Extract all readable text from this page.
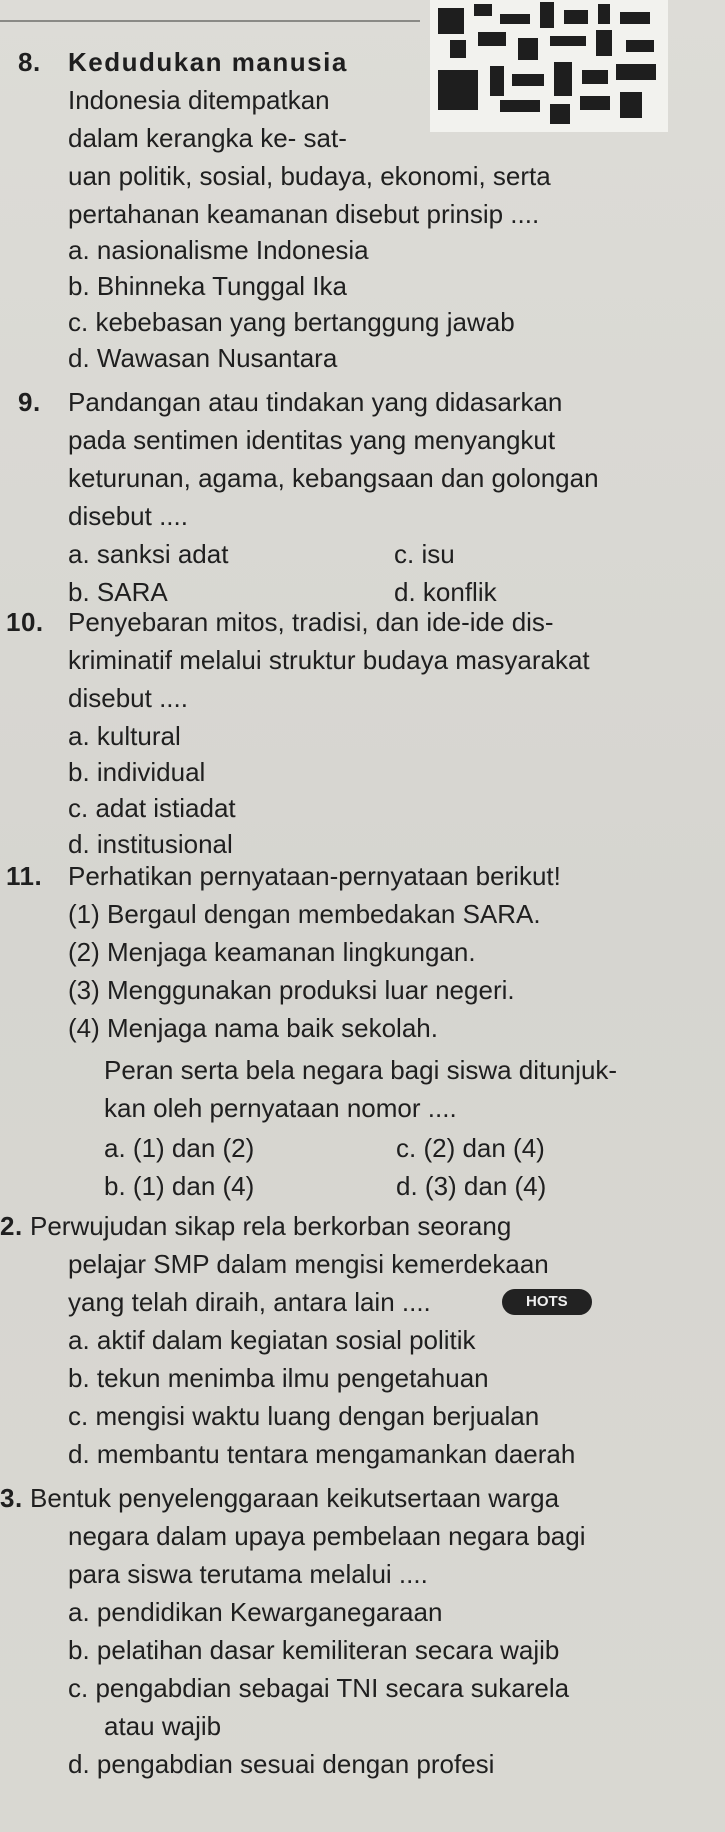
8. Kedudukan manusia
Indonesia ditempatkan
dalam kerangka ke- sat-
uan politik, sosial, budaya, ekonomi, serta
pertahanan keamanan disebut prinsip ....
a. nasionalisme Indonesia
b. Bhinneka Tunggal Ika
c. kebebasan yang bertanggung jawab
d. Wawasan Nusantara
9. Pandangan atau tindakan yang didasarkan
pada sentimen identitas yang menyangkut
keturunan, agama, kebangsaan dan golongan
disebut ....
a. sanksi adat	c. isu
b. SARA	d. konflik
10. Penyebaran mitos, tradisi, dan ide-ide dis-
kriminatif melalui struktur budaya masyarakat
disebut ....
a. kultural
b. individual
c. adat istiadat
d. institusional
11. Perhatikan pernyataan-pernyataan berikut!
(1) Bergaul dengan membedakan SARA.
(2) Menjaga keamanan lingkungan.
(3) Menggunakan produksi luar negeri.
(4) Menjaga nama baik sekolah.
Peran serta bela negara bagi siswa ditunjuk-
kan oleh pernyataan nomor ....
a. (1) dan (2)	c. (2) dan (4)
b. (1) dan (4)	d. (3) dan (4)
2. Perwujudan sikap rela berkorban seorang
pelajar SMP dalam mengisi kemerdekaan
yang telah diraih, antara lain ....	HOTS
a. aktif dalam kegiatan sosial politik
b. tekun menimba ilmu pengetahuan
c. mengisi waktu luang dengan berjualan
d. membantu tentara mengamankan daerah
3. Bentuk penyelenggaraan keikutsertaan warga
negara dalam upaya pembelaan negara bagi
para siswa terutama melalui ....
a. pendidikan Kewarganegaraan
b. pelatihan dasar kemiliteran secara wajib
c. pengabdian sebagai TNI secara sukarela
atau wajib
d. pengabdian sesuai dengan profesi
